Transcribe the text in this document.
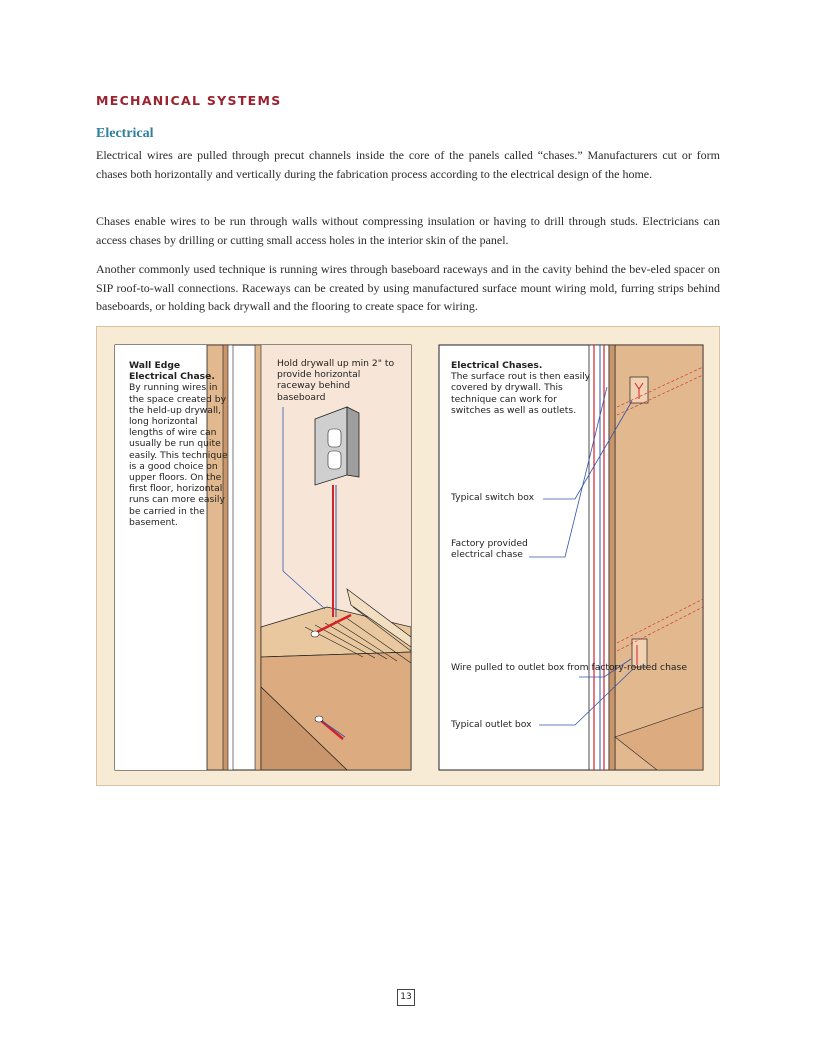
MECHANICAL SYSTEMS
Electrical

Electrical wires are pulled through precut channels inside the core of the panels called “chases.” Manufacturers cut or form chases both horizontally and vertically during the fabrication process according to the electrical design of the home.

Chases enable wires to be run through walls without compressing insulation or having to drill through studs. Electricians can access chases by drilling or cutting small access holes in the interior skin of the panel.

Another commonly used technique is running wires through baseboard raceways and in the cavity behind the bev-eled spacer on SIP roof-to-wall connections. Raceways can be created by using manufactured surface mount wiring mold, furring strips behind baseboards, or holding back drywall and the flooring to create space for wiring.

Wall Edge Electrical Chase.
By running wires in the space created by the held-up drywall, long horizontal lengths of wire can usually be run quite easily. This technique is a good choice on upper floors. On the first floor, horizontal runs can more easily be carried in the basement.
Hold drywall up min 2" to provide horizontal raceway behind baseboard
Electrical Chases.
The surface rout is then easily covered by drywall. This technique can work for switches as well as outlets.
Typical switch box
Factory provided electrical chase
Wire pulled to outlet box from factory-routed chase
Typical outlet box
13
